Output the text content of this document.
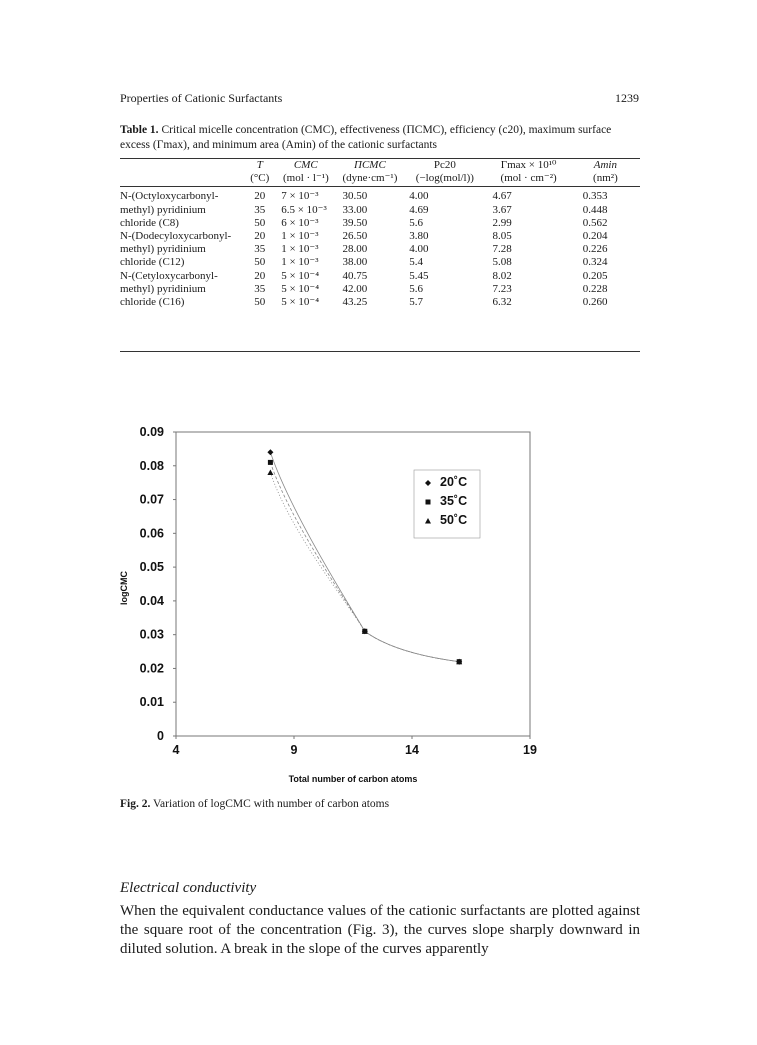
Properties of Cationic Surfactants	1239
Table 1. Critical micelle concentration (CMC), effectiveness (ΠCMC), efficiency (c20), maximum surface excess (Γmax), and minimum area (Amin) of the cationic surfactants
	T	CMC	ΠCMC	Pc20	Γmax × 10¹⁰	Amin
	(°C)	(mol · l⁻¹)	(dyne·cm⁻¹)	(−log(mol/l))	(mol · cm⁻²)	(nm²)

N-(Octyloxycarbonyl-	20	7 × 10⁻³	30.50	4.00	4.67	0.353
methyl) pyridinium	35	6.5 × 10⁻³	33.00	4.69	3.67	0.448
chloride (C8)	50	6 × 10⁻³	39.50	5.6	2.99	0.562
N-(Dodecyloxycarbonyl-	20	1 × 10⁻³	26.50	3.80	8.05	0.204
methyl) pyridinium	35	1 × 10⁻³	28.00	4.00	7.28	0.226
chloride (C12)	50	1 × 10⁻³	38.00	5.4	5.08	0.324
N-(Cetyloxycarbonyl-	20	5 × 10⁻⁴	40.75	5.45	8.02	0.205
methyl) pyridinium	35	5 × 10⁻⁴	42.00	5.6	7.23	0.228
chloride (C16)	50	5 × 10⁻⁴	43.25	5.7	6.32	0.260
0.09
0.08
0.07
0.06
0.05
0.04
0.03
0.02
0.01
0
4	9	14	19
Total number of carbon atoms
logCMC
20˚C
35˚C
50˚C
Fig. 2. Variation of logCMC with number of carbon atoms
Electrical conductivity
When the equivalent conductance values of the cationic surfactants are plotted against the square root of the concentration (Fig. 3), the curves slope sharply downward in diluted solution. A break in the slope of the curves apparently
